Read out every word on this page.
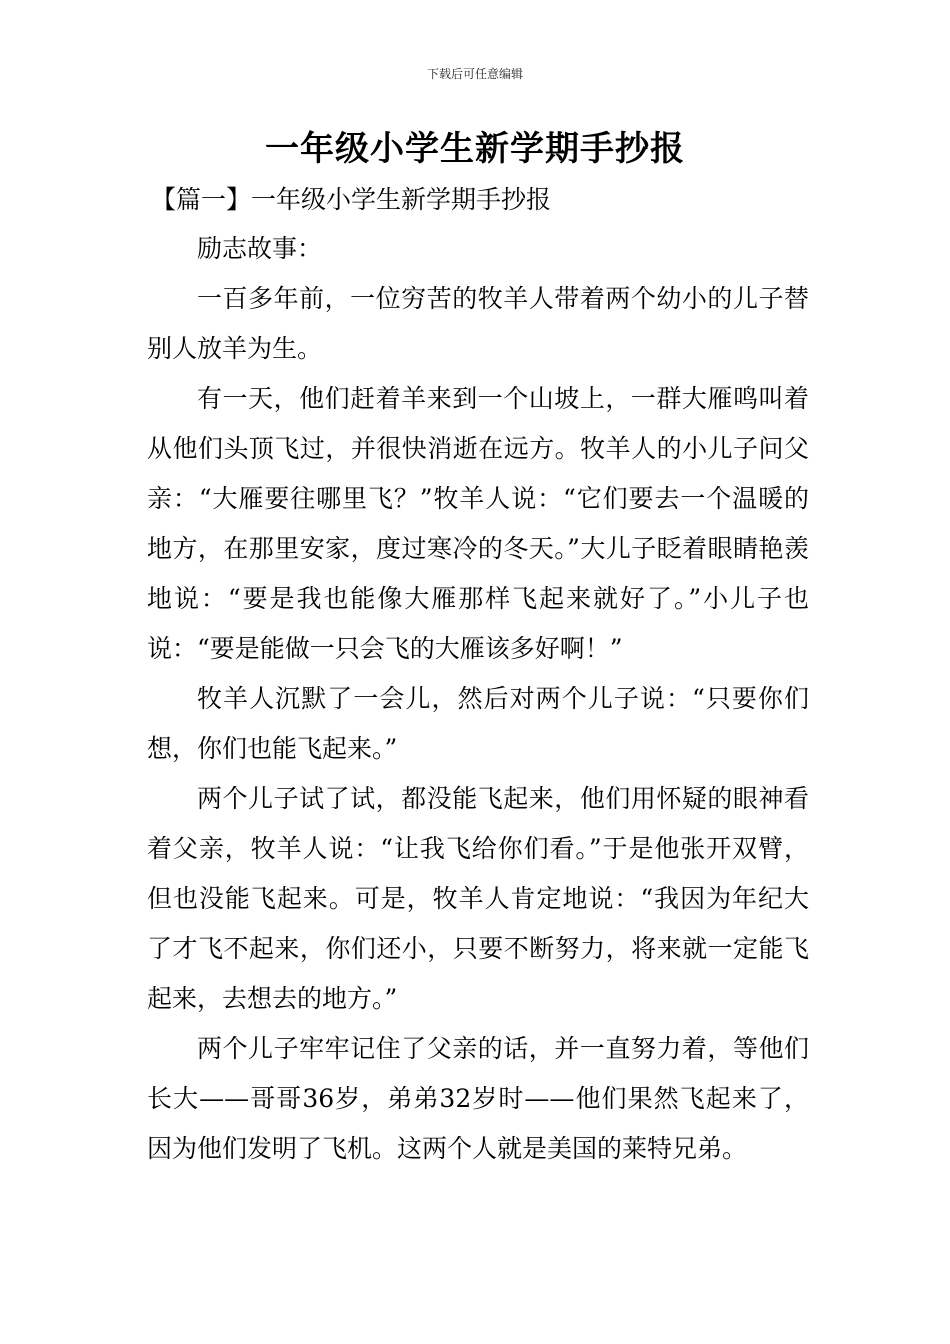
下载后可任意编辑
一年级小学生新学期手抄报
【篇一】一年级小学生新学期手抄报

励志故事：

一百多年前，一位穷苦的牧羊人带着两个幼小的儿子替别人放羊为生。

有一天，他们赶着羊来到一个山坡上，一群大雁鸣叫着从他们头顶飞过，并很快消逝在远方。牧羊人的小儿子问父亲：“大雁要往哪里飞？”牧羊人说：“它们要去一个温暖的地方，在那里安家，度过寒冷的冬天。”大儿子眨着眼睛艳羡地说：“要是我也能像大雁那样飞起来就好了。”小儿子也说：“要是能做一只会飞的大雁该多好啊！”

牧羊人沉默了一会儿，然后对两个儿子说：“只要你们想，你们也能飞起来。”

两个儿子试了试，都没能飞起来，他们用怀疑的眼神看着父亲，牧羊人说：“让我飞给你们看。”于是他张开双臂，但也没能飞起来。可是，牧羊人肯定地说：“我因为年纪大了才飞不起来，你们还小，只要不断努力，将来就一定能飞起来，去想去的地方。”

两个儿子牢牢记住了父亲的话，并一直努力着，等他们长大——哥哥36岁，弟弟32岁时——他们果然飞起来了，因为他们发明了飞机。这两个人就是美国的莱特兄弟。
